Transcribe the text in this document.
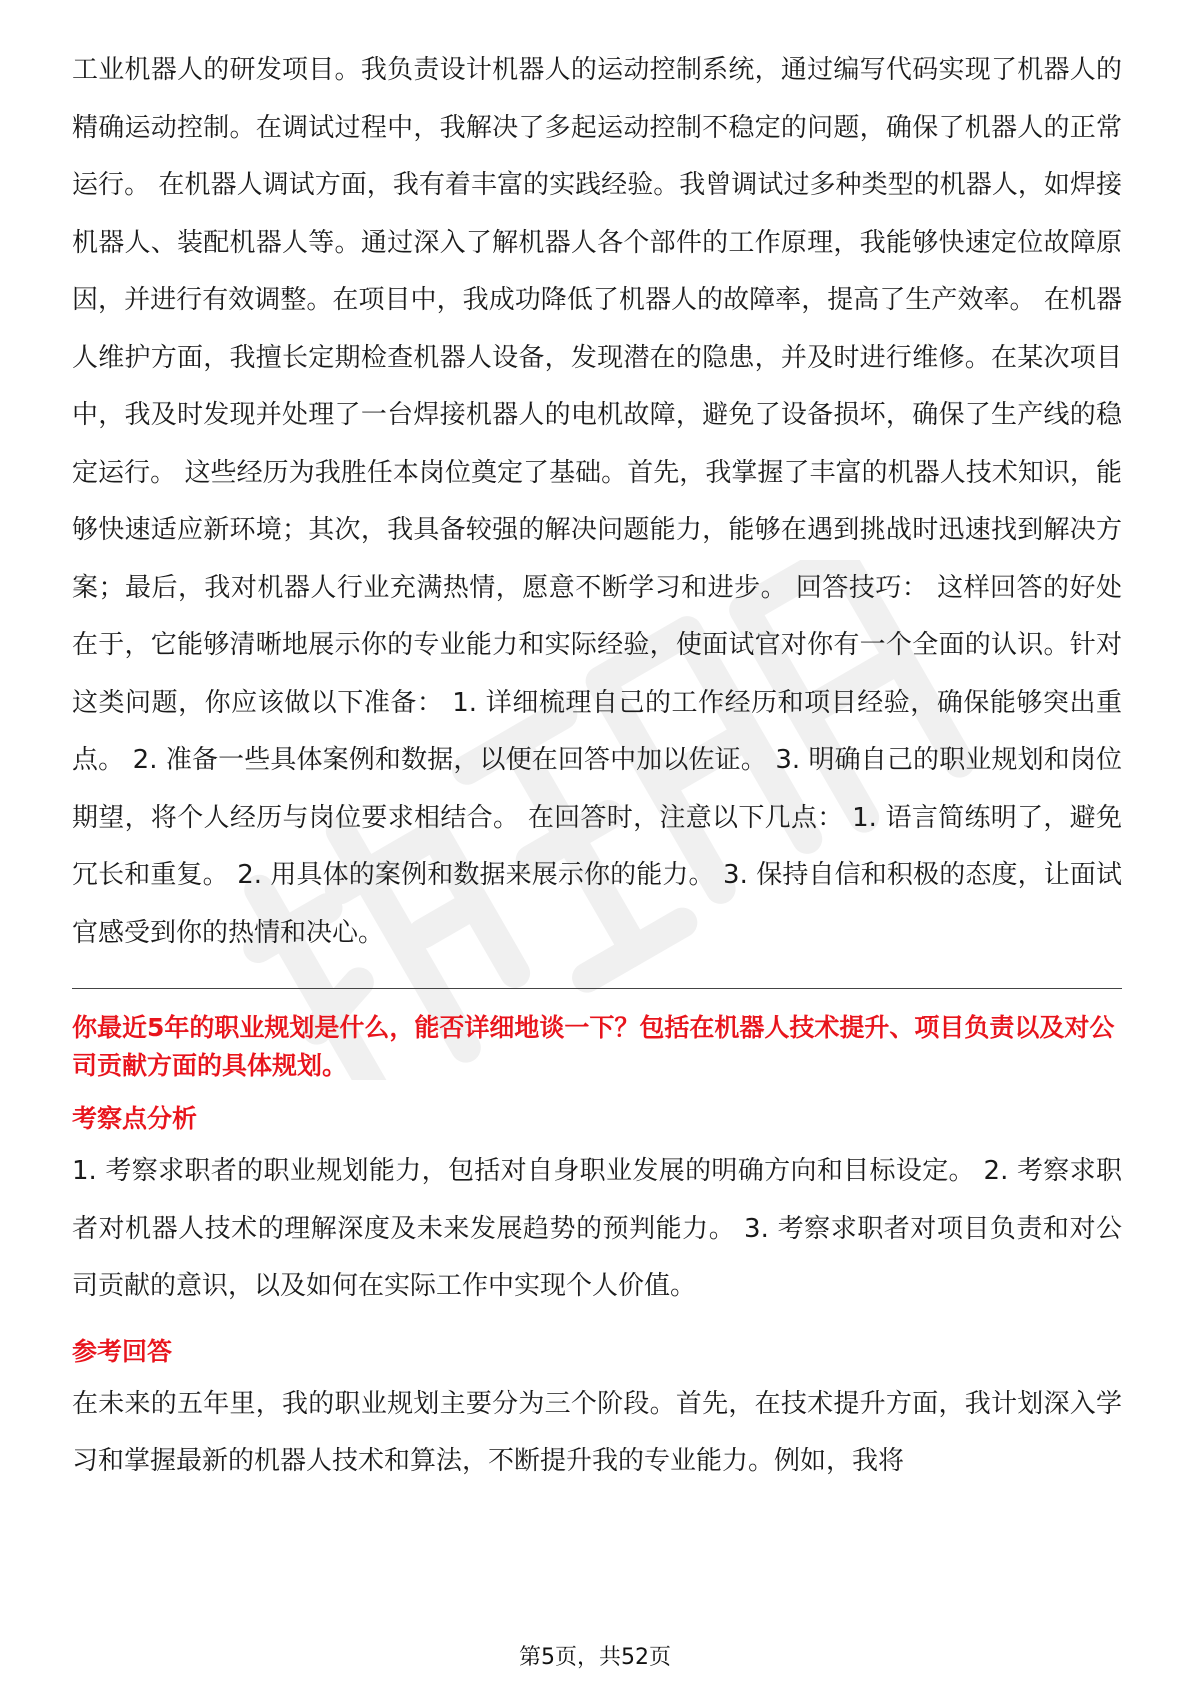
工业机器人的研发项目。我负责设计机器人的运动控制系统，通过编写代码实现了机器人的精确运动控制。在调试过程中，我解决了多起运动控制不稳定的问题，确保了机器人的正常运行。 在机器人调试方面，我有着丰富的实践经验。我曾调试过多种类型的机器人，如焊接机器人、装配机器人等。通过深入了解机器人各个部件的工作原理，我能够快速定位故障原因，并进行有效调整。在项目中，我成功降低了机器人的故障率，提高了生产效率。 在机器人维护方面，我擅长定期检查机器人设备，发现潜在的隐患，并及时进行维修。在某次项目中，我及时发现并处理了一台焊接机器人的电机故障，避免了设备损坏，确保了生产线的稳定运行。 这些经历为我胜任本岗位奠定了基础。首先，我掌握了丰富的机器人技术知识，能够快速适应新环境；其次，我具备较强的解决问题能力，能够在遇到挑战时迅速找到解决方案；最后，我对机器人行业充满热情，愿意不断学习和进步。 回答技巧： 这样回答的好处在于，它能够清晰地展示你的专业能力和实际经验，使面试官对你有一个全面的认识。针对这类问题，你应该做以下准备： 1. 详细梳理自己的工作经历和项目经验，确保能够突出重点。 2. 准备一些具体案例和数据，以便在回答中加以佐证。 3. 明确自己的职业规划和岗位期望，将个人经历与岗位要求相结合。 在回答时，注意以下几点： 1. 语言简练明了，避免冗长和重复。 2. 用具体的案例和数据来展示你的能力。 3. 保持自信和积极的态度，让面试官感受到你的热情和决心。

你最近5年的职业规划是什么，能否详细地谈一下？包括在机器人技术提升、项目负责以及对公司贡献方面的具体规划。

考察点分析

1. 考察求职者的职业规划能力，包括对自身职业发展的明确方向和目标设定。 2. 考察求职者对机器人技术的理解深度及未来发展趋势的预判能力。 3. 考察求职者对项目负责和对公司贡献的意识，以及如何在实际工作中实现个人价值。

参考回答

在未来的五年里，我的职业规划主要分为三个阶段。首先，在技术提升方面，我计划深入学习和掌握最新的机器人技术和算法，不断提升我的专业能力。例如，我将

第5页，共52页
